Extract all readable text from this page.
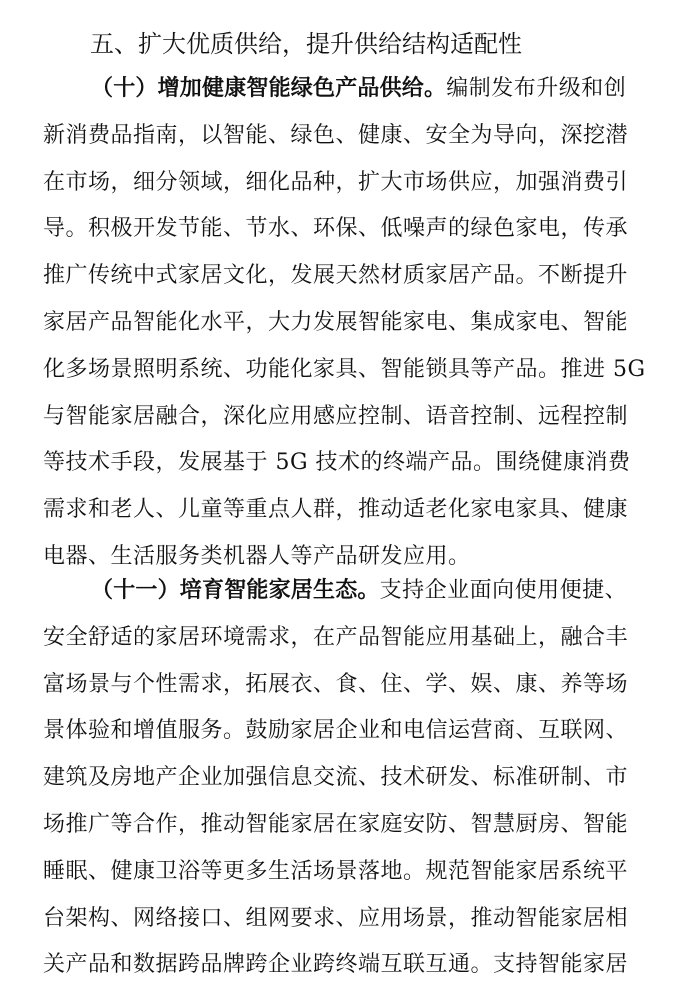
五、扩大优质供给，提升供给结构适配性
（十）增加健康智能绿色产品供给。编制发布升级和创
新消费品指南，以智能、绿色、健康、安全为导向，深挖潜
在市场，细分领域，细化品种，扩大市场供应，加强消费引
导。积极开发节能、节水、环保、低噪声的绿色家电，传承
推广传统中式家居文化，发展天然材质家居产品。不断提升
家居产品智能化水平，大力发展智能家电、集成家电、智能
化多场景照明系统、功能化家具、智能锁具等产品。推进 5G
与智能家居融合，深化应用感应控制、语音控制、远程控制
等技术手段，发展基于 5G 技术的终端产品。围绕健康消费
需求和老人、儿童等重点人群，推动适老化家电家具、健康
电器、生活服务类机器人等产品研发应用。
（十一）培育智能家居生态。支持企业面向使用便捷、
安全舒适的家居环境需求，在产品智能应用基础上，融合丰
富场景与个性需求，拓展衣、食、住、学、娱、康、养等场
景体验和增值服务。鼓励家居企业和电信运营商、互联网、
建筑及房地产企业加强信息交流、技术研发、标准研制、市
场推广等合作，推动智能家居在家庭安防、智慧厨房、智能
睡眠、健康卫浴等更多生活场景落地。规范智能家居系统平
台架构、网络接口、组网要求、应用场景，推动智能家居相
关产品和数据跨品牌跨企业跨终端互联互通。支持智能家居
